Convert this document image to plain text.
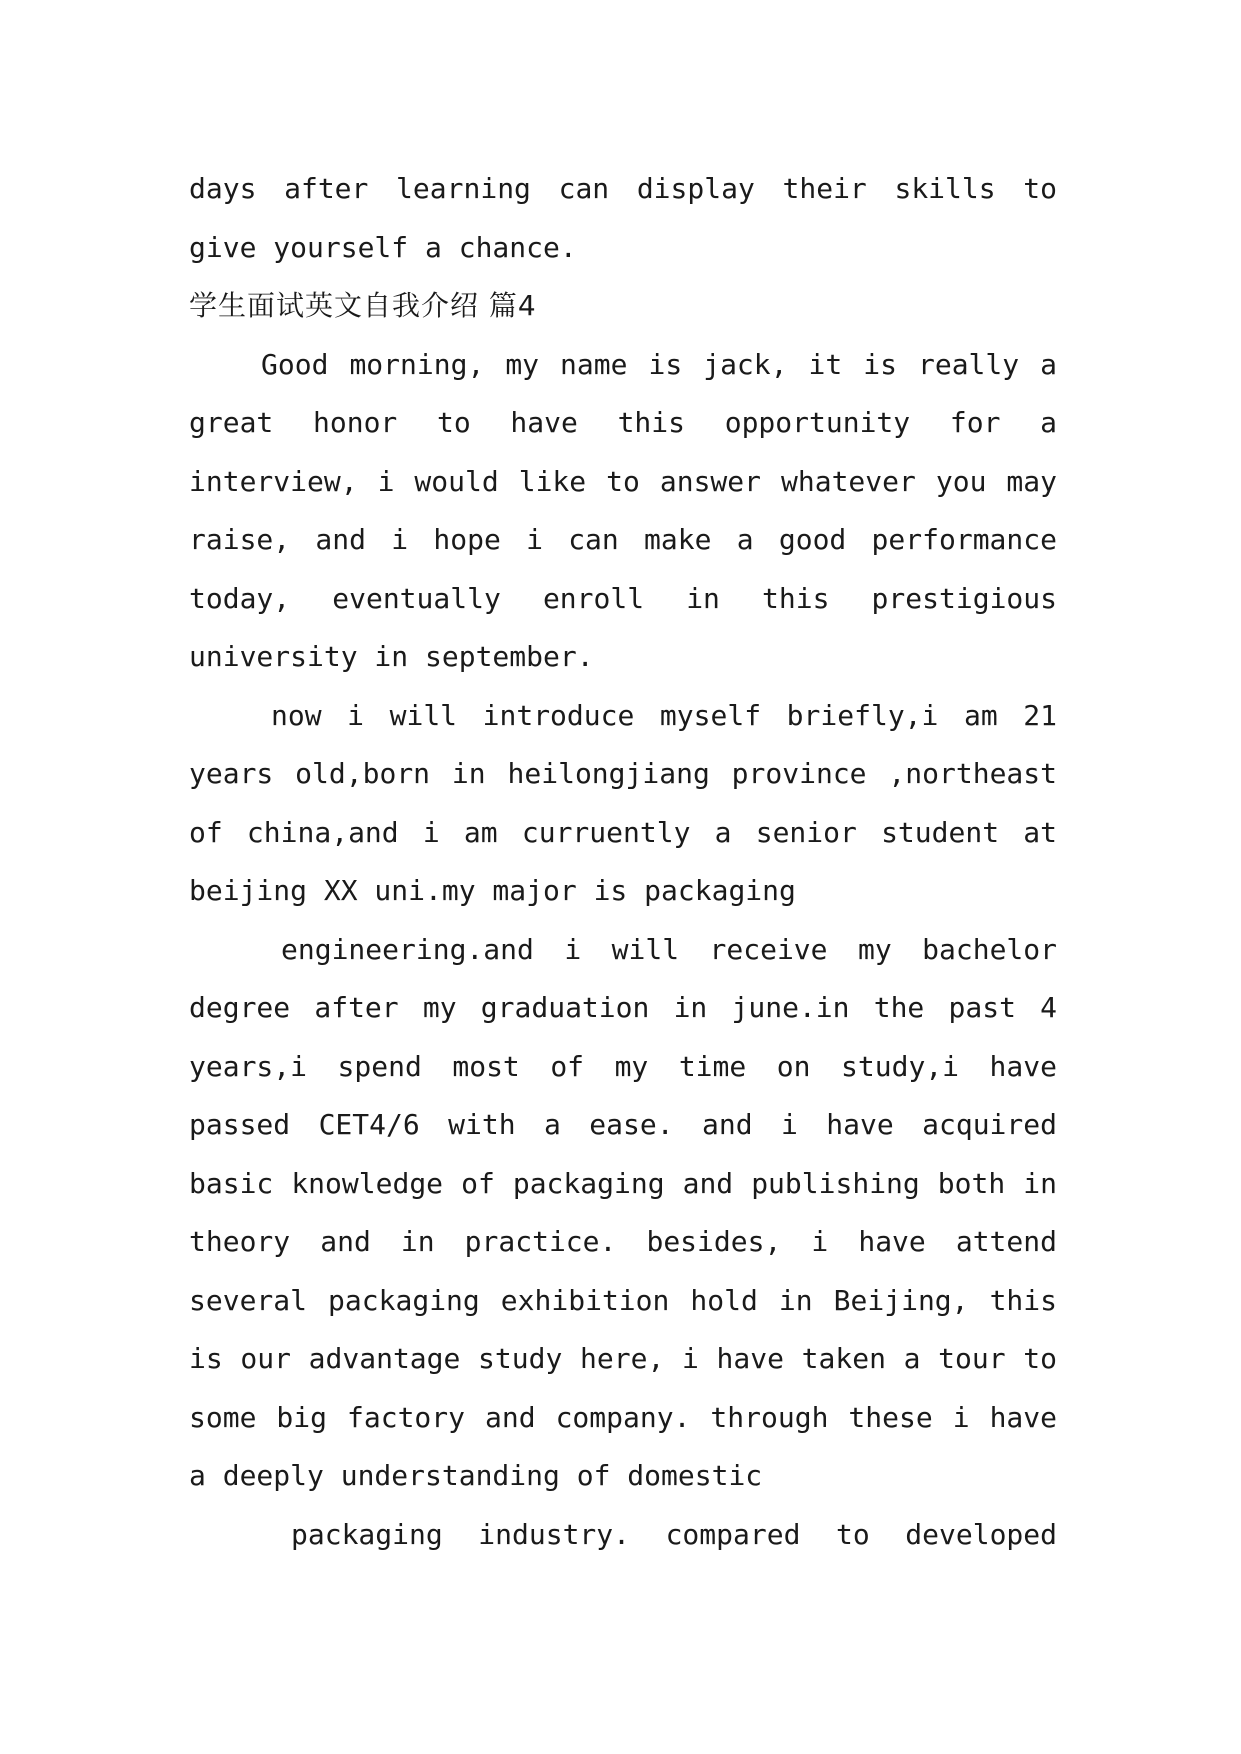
days after learning can display their skills to
give yourself a chance.
学生面试英文自我介绍 篇4
Good morning, my name is jack, it is really a
great honor to have this opportunity for a
interview, i would like to answer whatever you may
raise, and i hope i can make a good performance
today, eventually enroll in this prestigious
university in september.
now i will introduce myself briefly,i am 21
years old,born in heilongjiang province ,northeast
of china,and i am curruently a senior student at
beijing XX uni.my major is packaging
engineering.and i will receive my bachelor
degree after my graduation in june.in the past 4
years,i spend most of my time on study,i have
passed CET4/6 with a ease. and i have acquired
basic knowledge of packaging and publishing both in
theory and in practice. besides, i have attend
several packaging exhibition hold in Beijing, this
is our advantage study here, i have taken a tour to
some big factory and company. through these i have
a deeply understanding of domestic
packaging industry. compared to developed
